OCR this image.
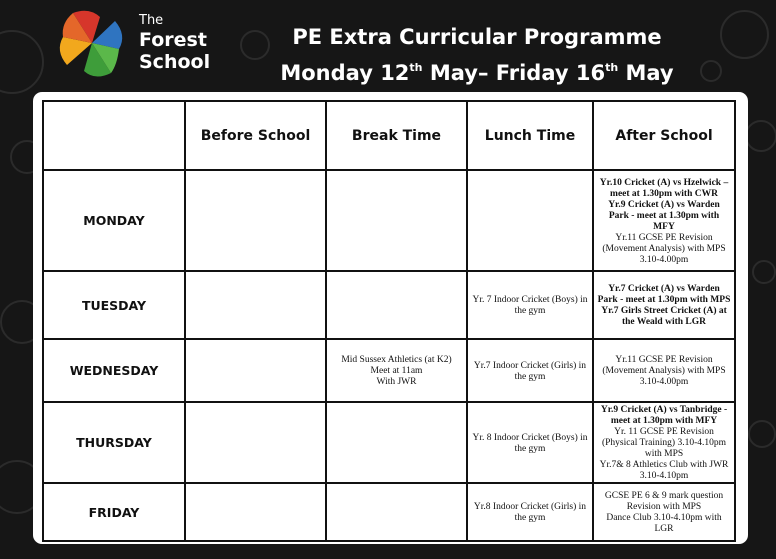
The
Forest
School
PE Extra Curricular Programme
Monday 12th May– Friday 16th May
	Before School	Break Time	Lunch Time	After School
MONDAY				Yr.10 Cricket (A) vs Hzelwick – meet at 1.30pm with CWR
Yr.9 Cricket (A) vs Warden Park - meet at 1.30pm with MFY
Yr.11 GCSE PE Revision (Movement Analysis) with MPS 3.10-4.00pm

TUESDAY			Yr. 7 Indoor Cricket (Boys) in the gym	Yr.7 Cricket (A) vs Warden Park - meet at 1.30pm with MPS
Yr.7 Girls Street Cricket (A) at the Weald with LGR

WEDNESDAY		Mid Sussex Athletics (at K2)
Meet at 11am
With JWR	Yr.7 Indoor Cricket (Girls) in the gym	Yr.11 GCSE PE Revision (Movement Analysis) with MPS 3.10-4.00pm

THURSDAY			Yr. 8 Indoor Cricket (Boys) in the gym	Yr.9 Cricket (A) vs Tanbridge - meet at 1.30pm with MFY
Yr. 11 GCSE PE Revision (Physical Training) 3.10-4.10pm with MPS
Yr.7& 8 Athletics Club with JWR 3.10-4.10pm

FRIDAY			Yr.8 Indoor Cricket (Girls) in the gym	GCSE PE 6 & 9 mark question Revision with MPS
Dance Club 3.10-4.10pm with LGR
